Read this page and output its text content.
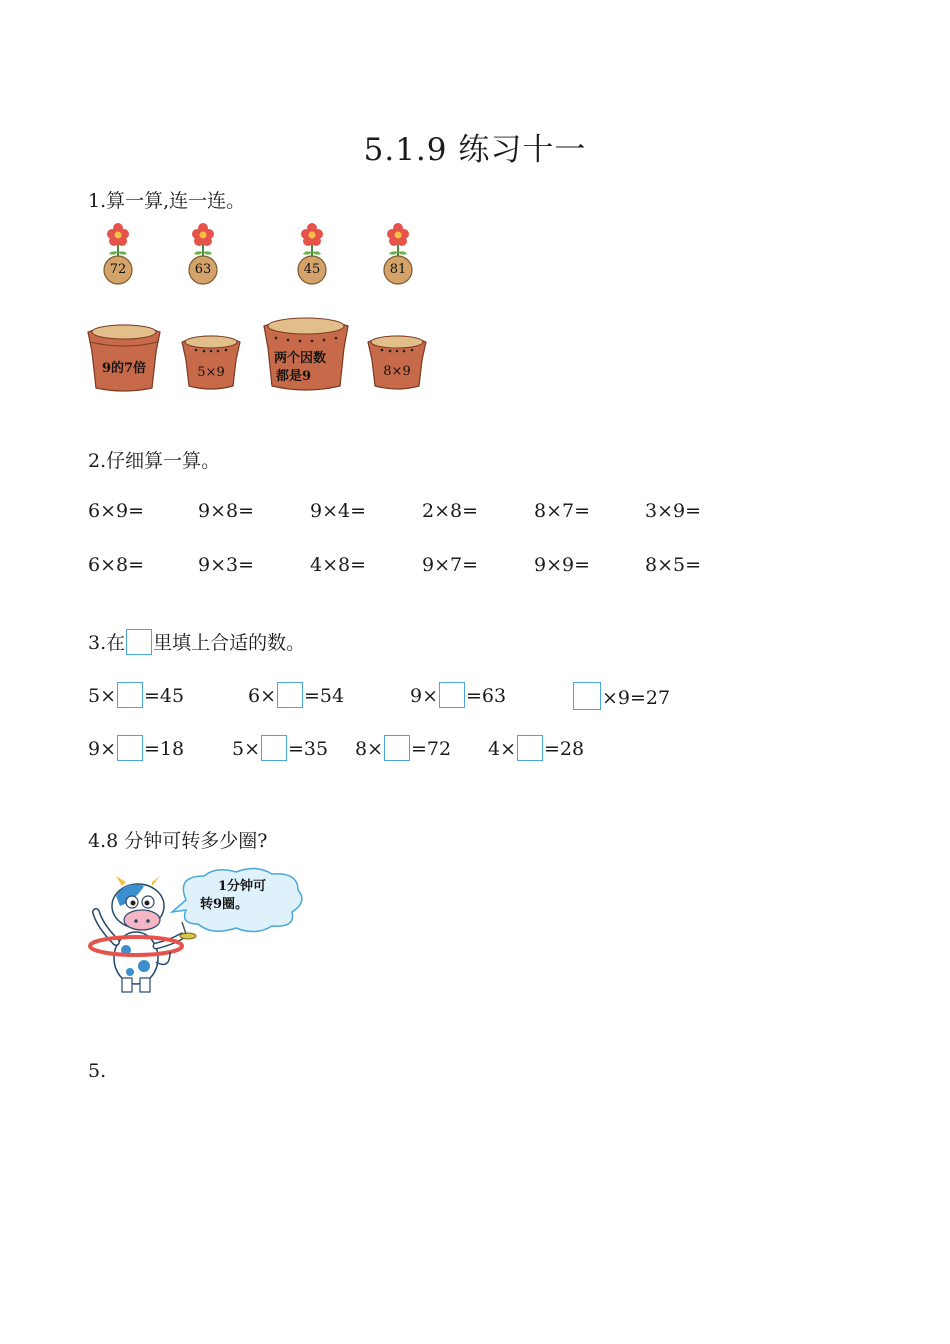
5.1.9 练习十一
1.算一算,连一连。
72	63	45	81
9的7倍	5×9
两个因数
都是9	8×9
2.仔细算一算。
6×9=	9×8=	9×4=	2×8=	8×7=	3×9=
6×8=	9×3=	4×8=	9×7=	9×9=	8×5=
3.在 里填上合适的数。
5× =45	6× =54	9× =63	×9=27
9× =18	5× =35 8× =72 4× =28
4.8 分钟可转多少圈?
1分钟可
转9圈。
5.
